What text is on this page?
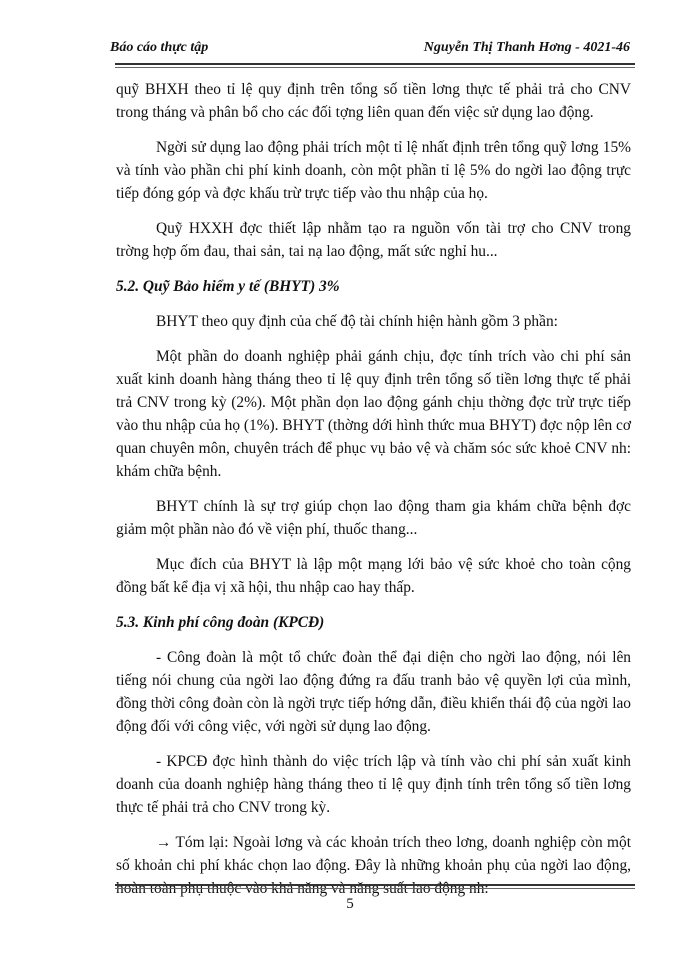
Báo cáo thực tập	Nguyễn Thị Thanh Hơng - 4021-46

quỹ BHXH theo tỉ lệ quy định trên tổng số tiền lơng thực tế phải trả cho CNV trong tháng và phân bổ cho các đối tợng liên quan đến việc sử dụng lao động.

Ngời sử dụng lao động phải trích một tỉ lệ nhất định trên tổng quỹ lơng 15% và tính vào phần chi phí kinh doanh, còn một phần tỉ lệ 5% do ngời lao động trực tiếp đóng góp và đợc khấu trừ trực tiếp vào thu nhập của họ.

Quỹ HXXH đợc thiết lập nhằm tạo ra nguồn vốn tài trợ cho CNV trong trờng hợp ốm đau, thai sản, tai nạ lao động, mất sức nghỉ hu...

5.2. Quỹ Bảo hiểm y tế (BHYT) 3%

BHYT theo quy định của chế độ tài chính hiện hành gồm 3 phần:

Một phần do doanh nghiệp phải gánh chịu, đợc tính trích vào chi phí sản xuất kinh doanh hàng tháng theo tỉ lệ quy định trên tổng số tiền lơng thực tế phải trả CNV trong kỳ (2%). Một phần dọn lao động gánh chịu thờng đợc trừ trực tiếp vào thu nhập của họ (1%). BHYT (thờng dới hình thức mua BHYT) đợc nộp lên cơ quan chuyên môn, chuyên trách để phục vụ bảo vệ và chăm sóc sức khoẻ CNV nh: khám chữa bệnh.

BHYT chính là sự trợ giúp chọn lao động tham gia khám chữa bệnh đợc giảm một phần nào đó về viện phí, thuốc thang...

Mục đích của BHYT là lập một mạng lới bảo vệ sức khoẻ cho toàn cộng đồng bất kể địa vị xã hội, thu nhập cao hay thấp.

5.3. Kinh phí công đoàn (KPCĐ)

- Công đoàn là một tổ chức đoàn thể đại diện cho ngời lao động, nói lên tiếng nói chung của ngời lao động đứng ra đấu tranh bảo vệ quyền lợi của mình, đồng thời công đoàn còn là ngời trực tiếp hớng dẫn, điều khiển thái độ của ngời lao động đối với công việc, với ngời sử dụng lao động.

- KPCĐ đợc hình thành do việc trích lập và tính vào chi phí sản xuất kinh doanh của doanh nghiệp hàng tháng theo tỉ lệ quy định tính trên tổng số tiền lơng thực tế phải trả cho CNV trong kỳ.

→ Tóm lại: Ngoài lơng và các khoản trích theo lơng, doanh nghiệp còn một số khoản chi phí khác chọn lao động. Đây là những khoản phụ của ngời lao động, hoàn toàn phụ thuộc vào khả năng và năng suất lao động nh:

5
